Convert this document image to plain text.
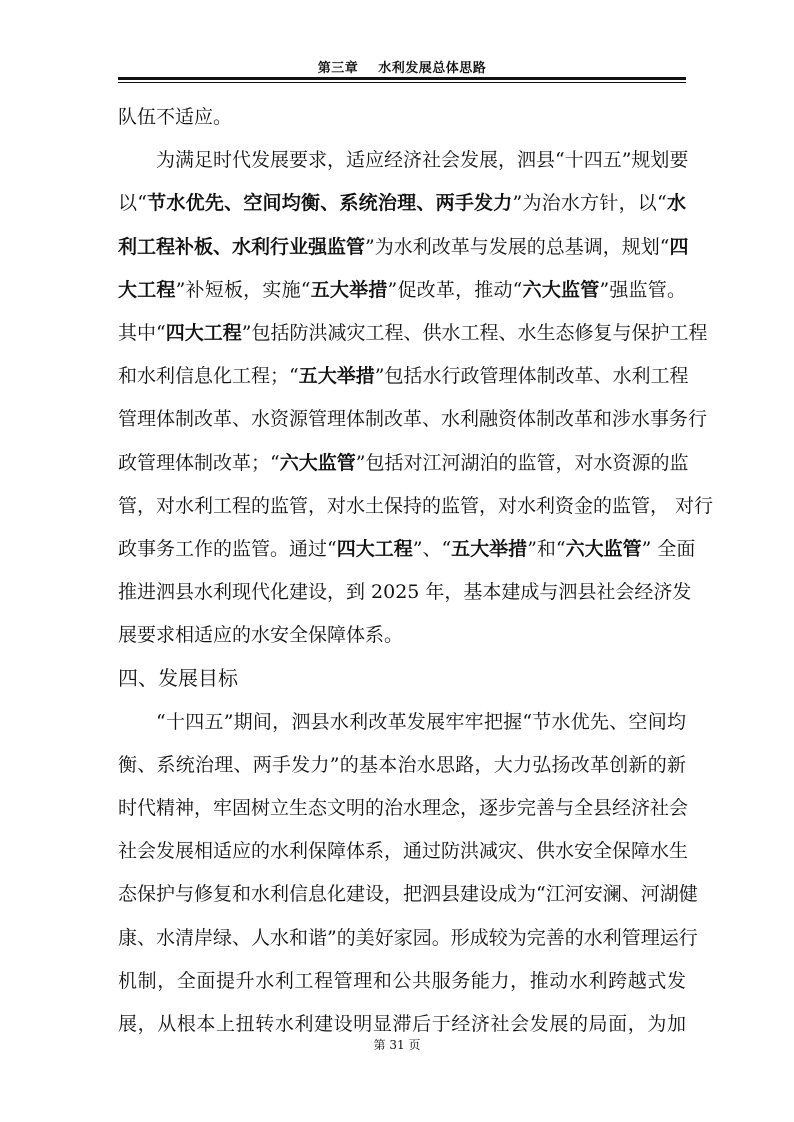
第三章    水利发展总体思路
队伍不适应。
为满足时代发展要求，适应经济社会发展，泗县“十四五”规划要
以“节水优先、空间均衡、系统治理、两手发力”为治水方针，以“水
利工程补板、水利行业强监管”为水利改革与发展的总基调，规划“四
大工程”补短板，实施“五大举措”促改革，推动“六大监管”强监管。
其中“四大工程”包括防洪减灾工程、供水工程、水生态修复与保护工程
和水利信息化工程；“五大举措”包括水行政管理体制改革、水利工程
管理体制改革、水资源管理体制改革、水利融资体制改革和涉水事务行
政管理体制改革；“六大监管”包括对江河湖泊的监管，对水资源的监
管，对水利工程的监管，对水土保持的监管，对水利资金的监管， 对行
政事务工作的监管。通过“四大工程”、“五大举措”和“六大监管” 全面
推进泗县水利现代化建设，到 2025 年，基本建成与泗县社会经济发
展要求相适应的水安全保障体系。
四、发展目标
“十四五”期间，泗县水利改革发展牢牢把握“节水优先、空间均
衡、系统治理、两手发力”的基本治水思路，大力弘扬改革创新的新
时代精神，牢固树立生态文明的治水理念，逐步完善与全县经济社会
社会发展相适应的水利保障体系，通过防洪减灾、供水安全保障水生
态保护与修复和水利信息化建设，把泗县建设成为“江河安澜、河湖健
康、水清岸绿、人水和谐”的美好家园。形成较为完善的水利管理运行
机制，全面提升水利工程管理和公共服务能力，推动水利跨越式发
展，从根本上扭转水利建设明显滞后于经济社会发展的局面，为加
第 31 页
